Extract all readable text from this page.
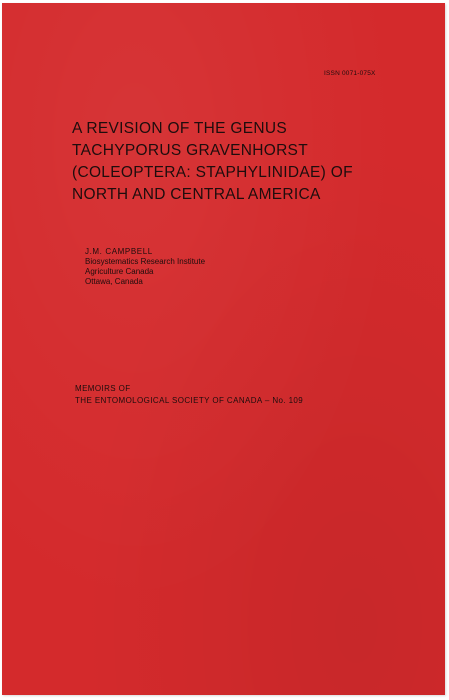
ISSN 0071-075X
A REVISION OF THE GENUS
TACHYPORUS GRAVENHORST
(COLEOPTERA: STAPHYLINIDAE) OF
NORTH AND CENTRAL AMERICA
J.M. CAMPBELL
Biosystematics Research Institute
Agriculture Canada
Ottawa, Canada
MEMOIRS OF
THE ENTOMOLOGICAL SOCIETY OF CANADA – No. 109
